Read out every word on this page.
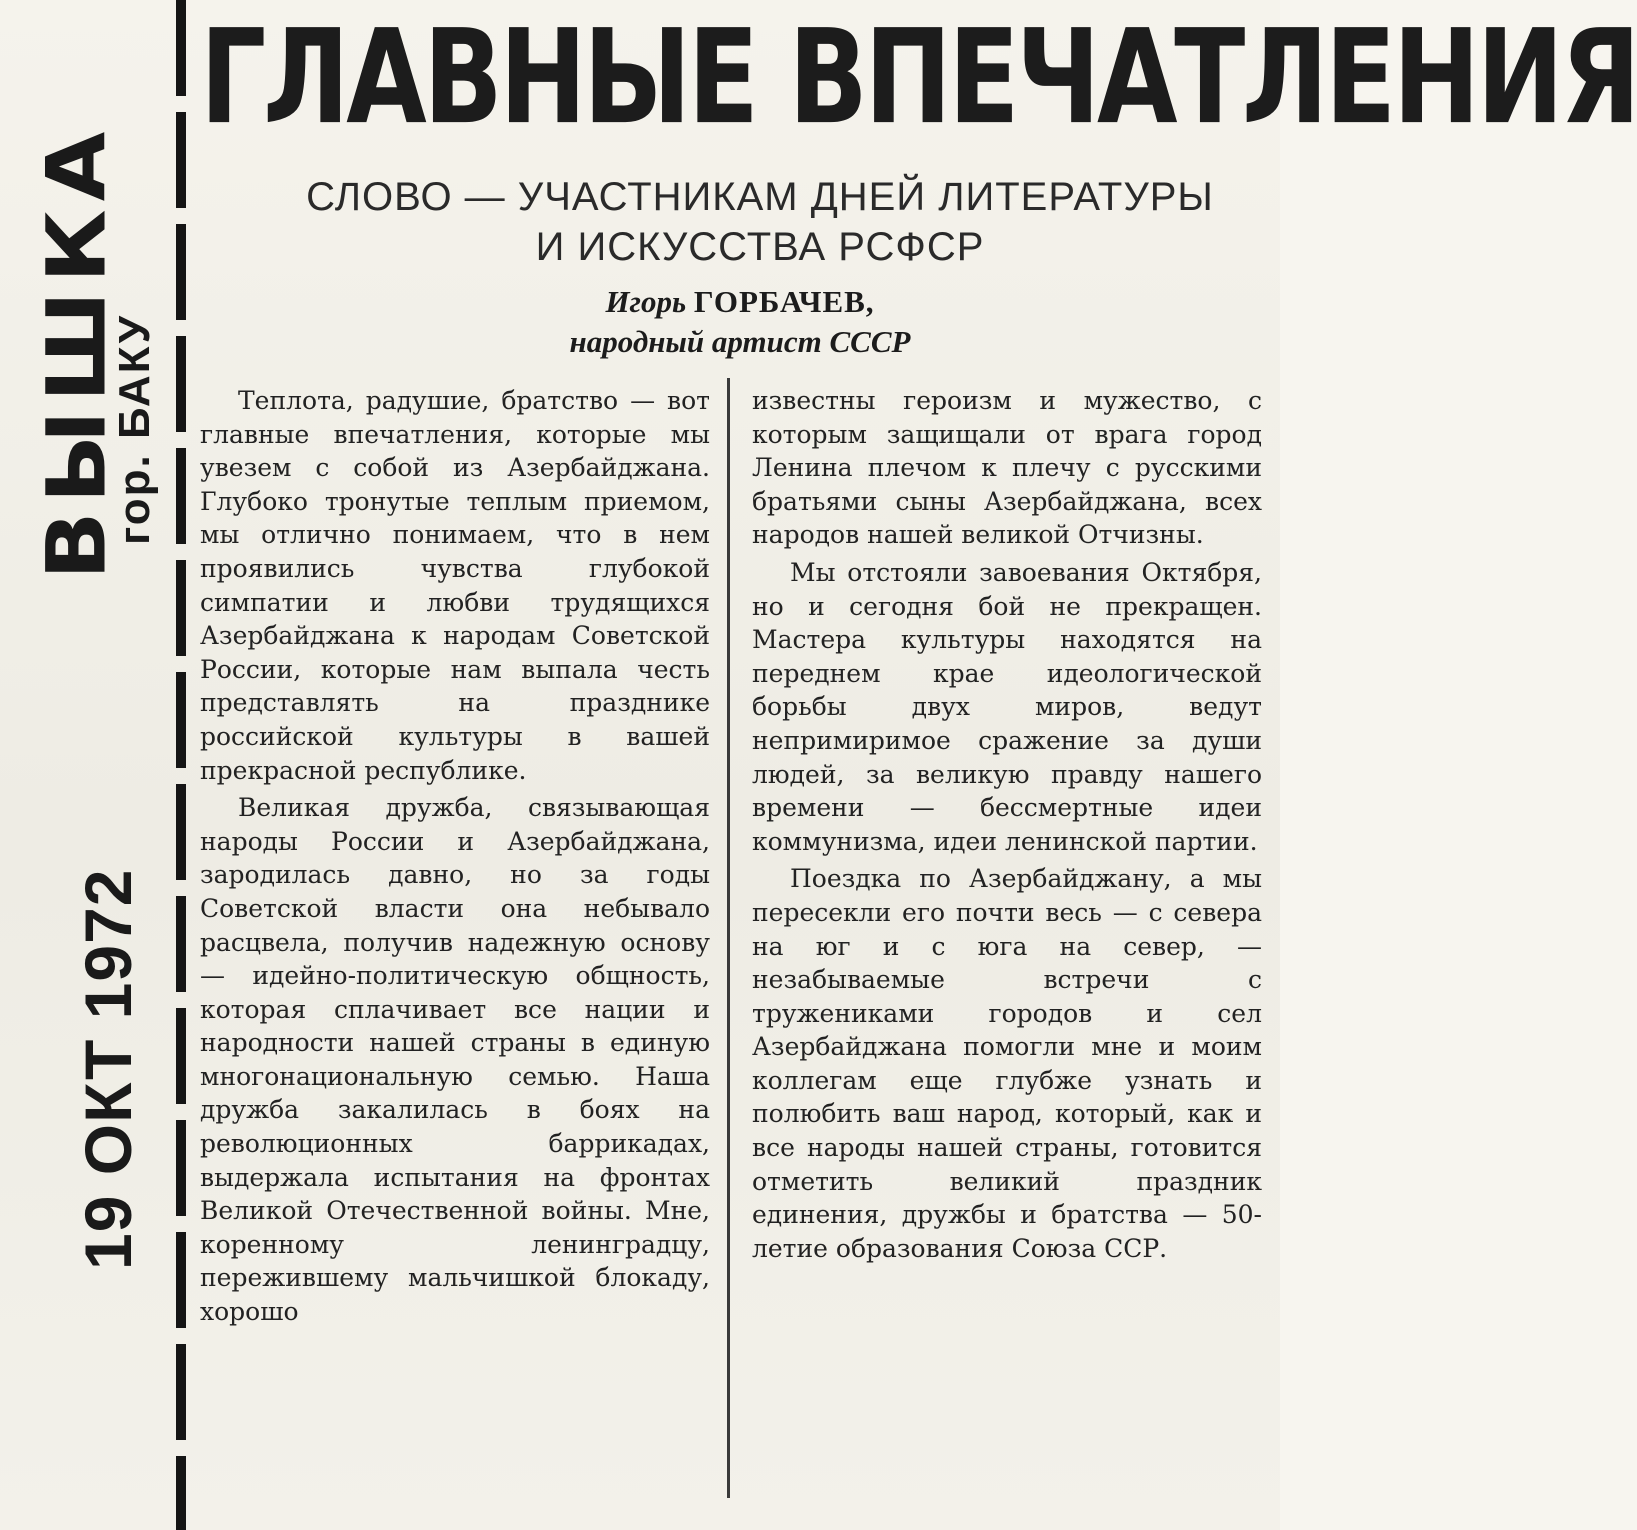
ВЫШКА
гор. БАКУ
19 ОКТ 1972
ГЛАВНЫЕ ВПЕЧАТЛЕНИЯ
СЛОВО — УЧАСТНИКАМ ДНЕЙ ЛИТЕРАТУРЫ
И ИСКУССТВА РСФСР
Игорь ГОРБАЧЕВ,
народный артист СССР

Теплота, радушие, братство — вот главные впечатления, которые мы увезем с собой из Азербайджана. Глубоко тронутые теплым приемом, мы отлично понимаем, что в нем проявились чувства глубокой симпатии и любви трудящихся Азербайджана к народам Советской России, которые нам выпала честь представлять на празднике российской культуры в вашей прекрасной республике.

Великая дружба, связывающая народы России и Азербайджана, зародилась давно, но за годы Советской власти она небывало расцвела, получив надежную основу — идейно-политическую общность, которая сплачивает все нации и народности нашей страны в единую многонациональную семью. Наша дружба закалилась в боях на революционных баррикадах, выдержала испытания на фронтах Великой Отечественной войны. Мне, коренному ленинградцу, пережившему мальчишкой блокаду, хорошо

известны героизм и мужество, с которым защищали от врага город Ленина плечом к плечу с русскими братьями сыны Азербайджана, всех народов нашей великой Отчизны.

Мы отстояли завоевания Октября, но и сегодня бой не прекращен. Мастера культуры находятся на переднем крае идеологической борьбы двух миров, ведут непримиримое сражение за души людей, за великую правду нашего времени — бессмертные идеи коммунизма, идеи ленинской партии.

Поездка по Азербайджану, а мы пересекли его почти весь — с севера на юг и с юга на север, — незабываемые встречи с тружениками городов и сел Азербайджана помогли мне и моим коллегам еще глубже узнать и полюбить ваш народ, который, как и все народы нашей страны, готовится отметить великий праздник единения, дружбы и братства — 50-летие образования Союза ССР.
